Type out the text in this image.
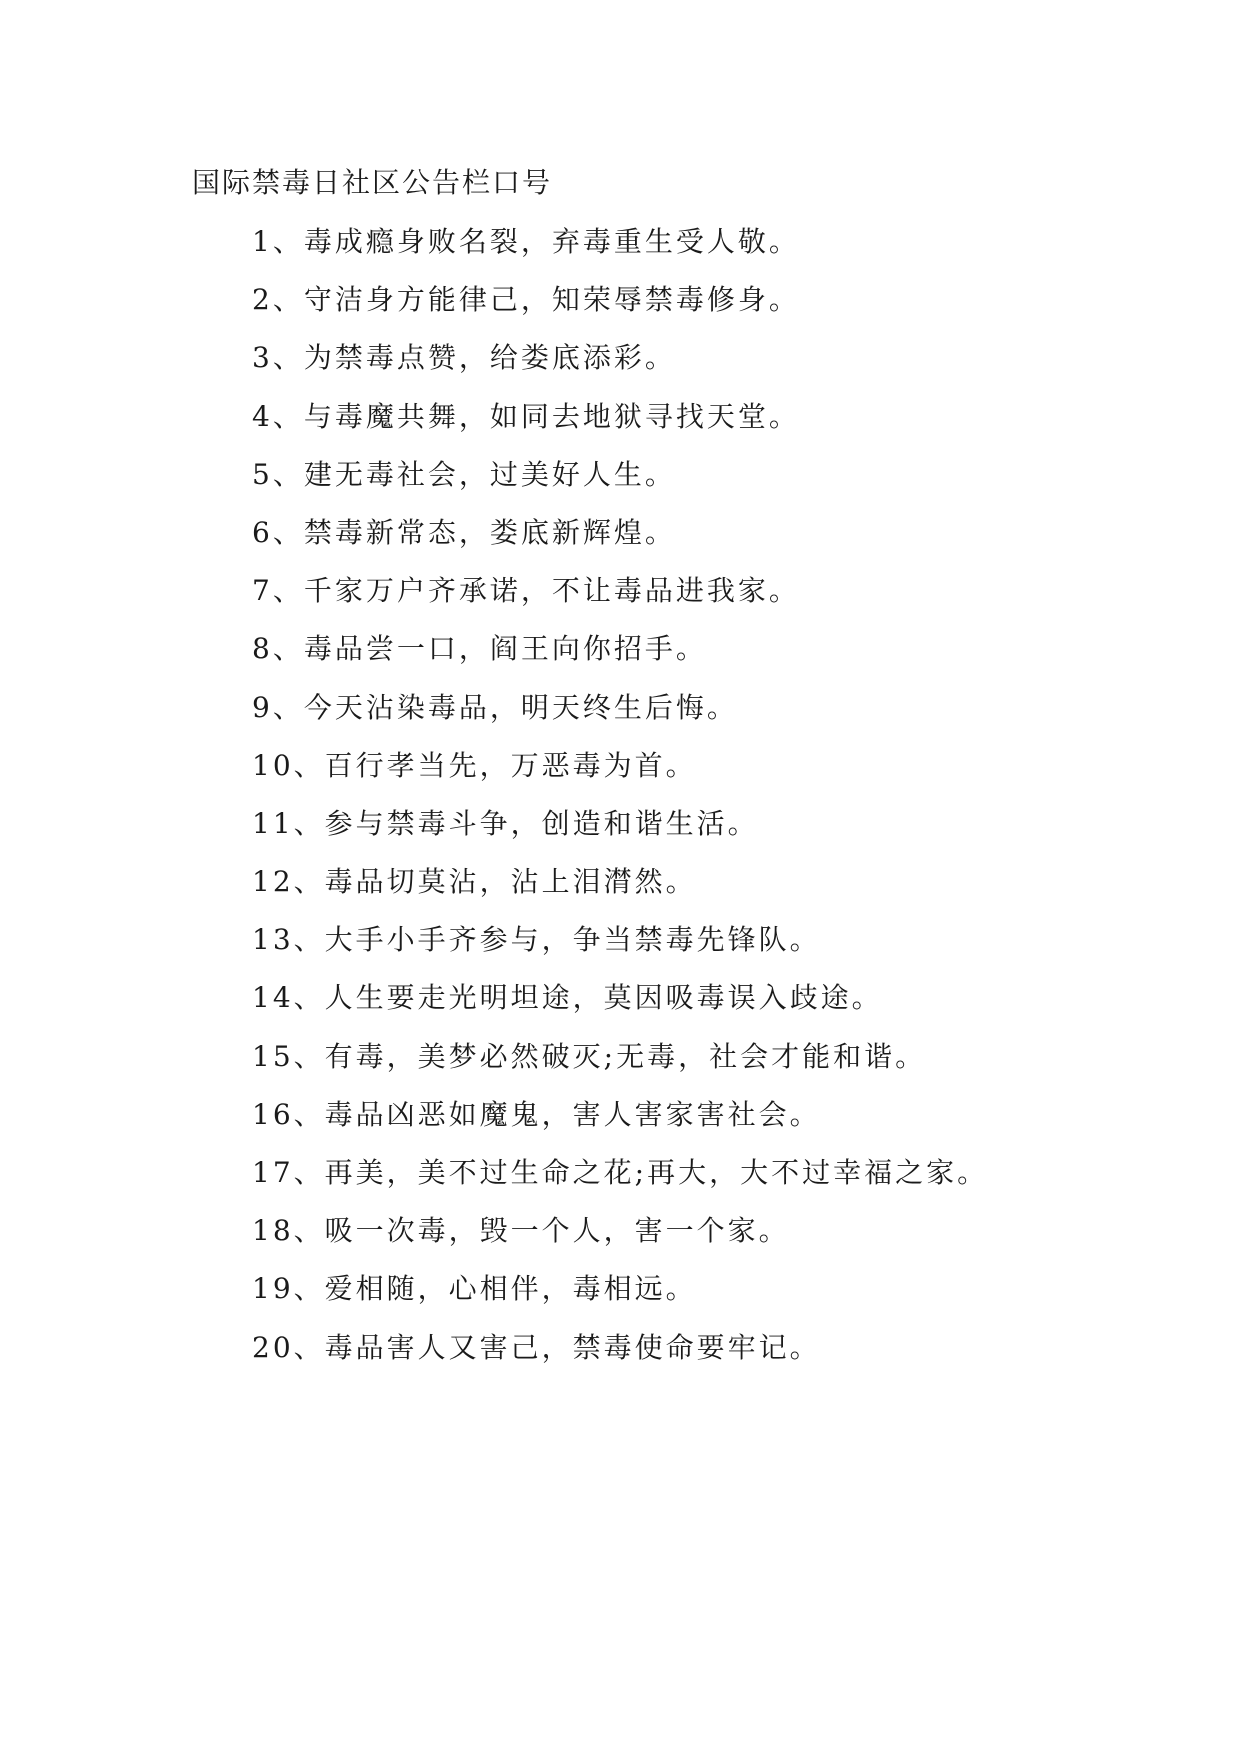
国际禁毒日社区公告栏口号
1、毒成瘾身败名裂，弃毒重生受人敬。
2、守洁身方能律己，知荣辱禁毒修身。
3、为禁毒点赞，给娄底添彩。
4、与毒魔共舞，如同去地狱寻找天堂。
5、建无毒社会，过美好人生。
6、禁毒新常态，娄底新辉煌。
7、千家万户齐承诺，不让毒品进我家。
8、毒品尝一口，阎王向你招手。
9、今天沾染毒品，明天终生后悔。
10、百行孝当先，万恶毒为首。
11、参与禁毒斗争，创造和谐生活。
12、毒品切莫沾，沾上泪潸然。
13、大手小手齐参与，争当禁毒先锋队。
14、人生要走光明坦途，莫因吸毒误入歧途。
15、有毒，美梦必然破灭;无毒，社会才能和谐。
16、毒品凶恶如魔鬼，害人害家害社会。
17、再美，美不过生命之花;再大，大不过幸福之家。
18、吸一次毒，毁一个人，害一个家。
19、爱相随，心相伴，毒相远。
20、毒品害人又害己，禁毒使命要牢记。
